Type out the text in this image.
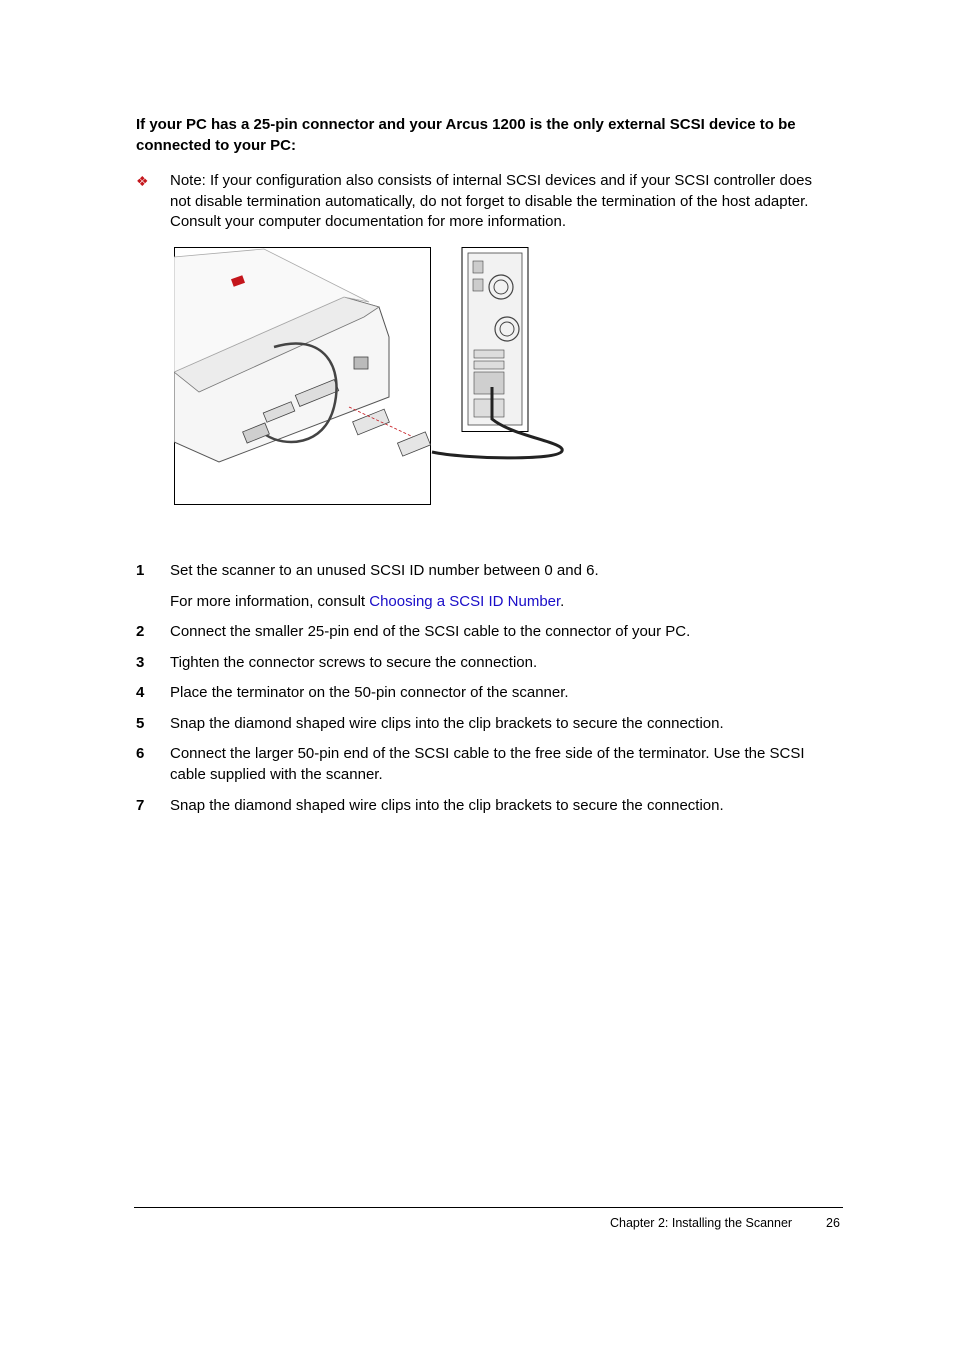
If your PC has a 25-pin connector and your Arcus 1200 is the only external SCSI device to be connected to your PC:
❖ Note: If your configuration also consists of internal SCSI devices and if your SCSI controller does not disable termination automatically, do not forget to disable the termination of the host adapter. Consult your computer documentation for more information.
1 Set the scanner to an unused SCSI ID number between 0 and 6.
For more information, consult Choosing a SCSI ID Number.
2 Connect the smaller 25-pin end of the SCSI cable to the connector of your PC.
3 Tighten the connector screws to secure the connection.
4 Place the terminator on the 50-pin connector of the scanner.
5 Snap the diamond shaped wire clips into the clip brackets to secure the connection.
6 Connect the larger 50-pin end of the SCSI cable to the free side of the terminator. Use the SCSI cable supplied with the scanner.
7 Snap the diamond shaped wire clips into the clip brackets to secure the connection.
Chapter 2: Installing the Scanner	26
